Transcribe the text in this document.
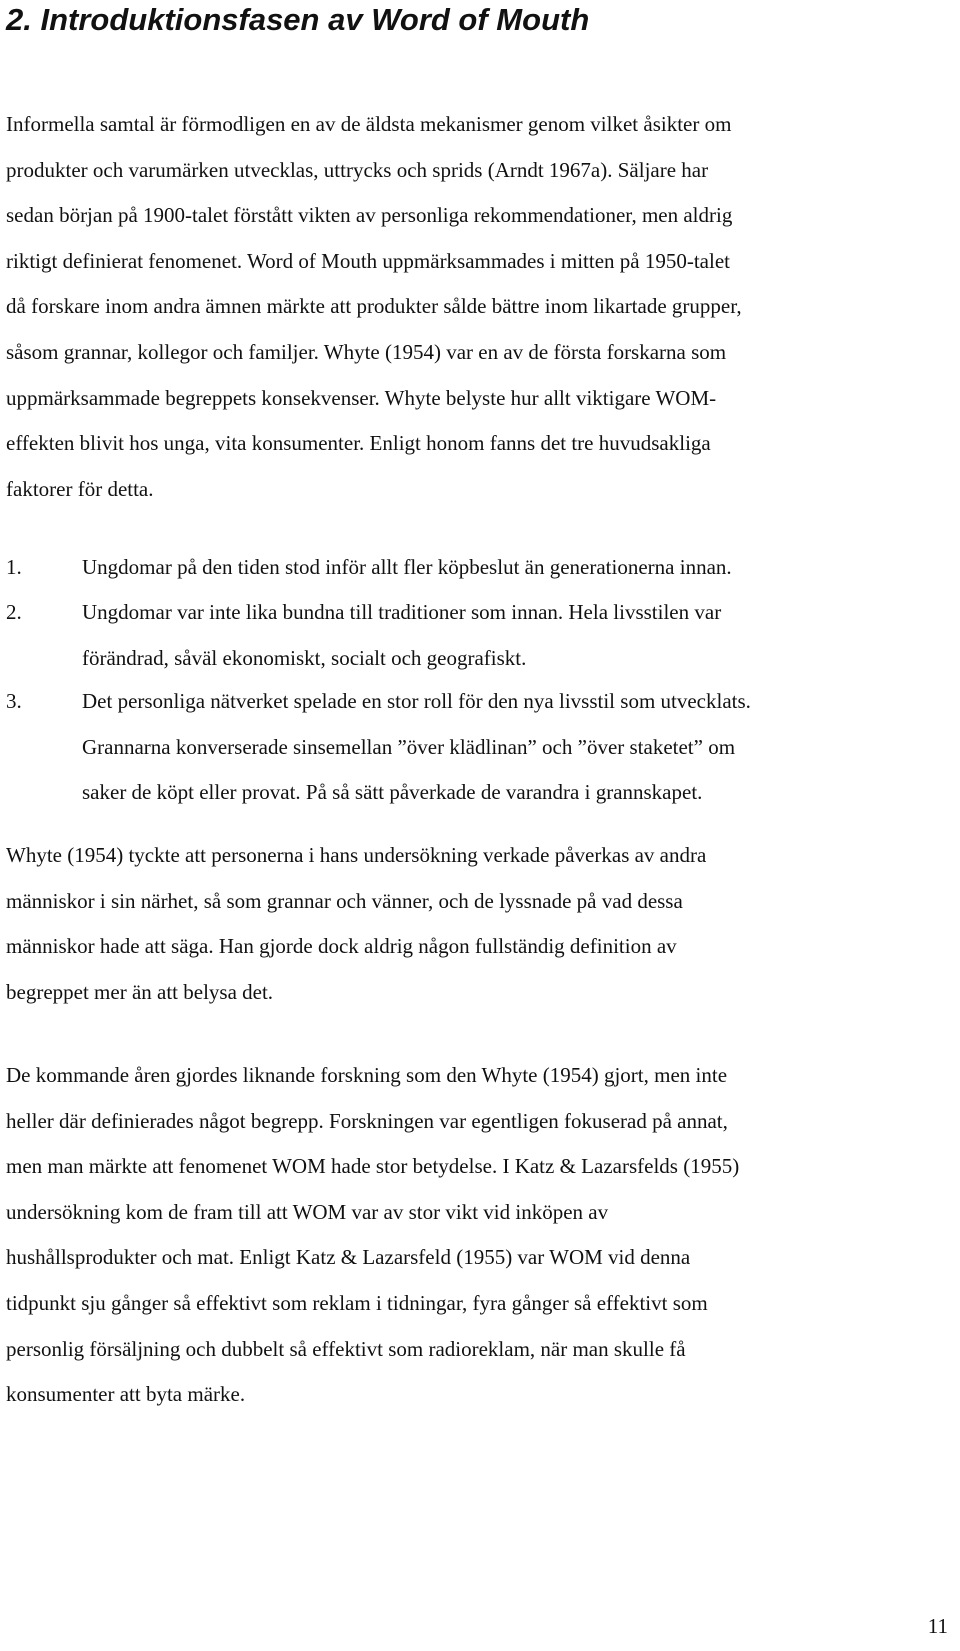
2. Introduktionsfasen av Word of Mouth
Informella samtal är förmodligen en av de äldsta mekanismer genom vilket åsikter om
produkter och varumärken utvecklas, uttrycks och sprids (Arndt 1967a). Säljare har
sedan början på 1900-talet förstått vikten av personliga rekommendationer, men aldrig
riktigt definierat fenomenet. Word of Mouth uppmärksammades i mitten på 1950-talet
då forskare inom andra ämnen märkte att produkter sålde bättre inom likartade grupper,
såsom grannar, kollegor och familjer. Whyte (1954) var en av de första forskarna som
uppmärksammade begreppets konsekvenser. Whyte belyste hur allt viktigare WOM-
effekten blivit hos unga, vita konsumenter. Enligt honom fanns det tre huvudsakliga
faktorer för detta.
1.	Ungdomar på den tiden stod inför allt fler köpbeslut än generationerna innan.
2.	Ungdomar var inte lika bundna till traditioner som innan. Hela livsstilen var
förändrad, såväl ekonomiskt, socialt och geografiskt.
3.	Det personliga nätverket spelade en stor roll för den nya livsstil som utvecklats.
Grannarna konverserade sinsemellan ”över klädlinan” och ”över staketet” om
saker de köpt eller provat. På så sätt påverkade de varandra i grannskapet.
Whyte (1954) tyckte att personerna i hans undersökning verkade påverkas av andra
människor i sin närhet, så som grannar och vänner, och de lyssnade på vad dessa
människor hade att säga. Han gjorde dock aldrig någon fullständig definition av
begreppet mer än att belysa det.
De kommande åren gjordes liknande forskning som den Whyte (1954) gjort, men inte
heller där definierades något begrepp. Forskningen var egentligen fokuserad på annat,
men man märkte att fenomenet WOM hade stor betydelse. I Katz & Lazarsfelds (1955)
undersökning kom de fram till att WOM var av stor vikt vid inköpen av
hushållsprodukter och mat. Enligt Katz & Lazarsfeld (1955) var WOM vid denna
tidpunkt sju gånger så effektivt som reklam i tidningar, fyra gånger så effektivt som
personlig försäljning och dubbelt så effektivt som radioreklam, när man skulle få
konsumenter att byta märke.
11
